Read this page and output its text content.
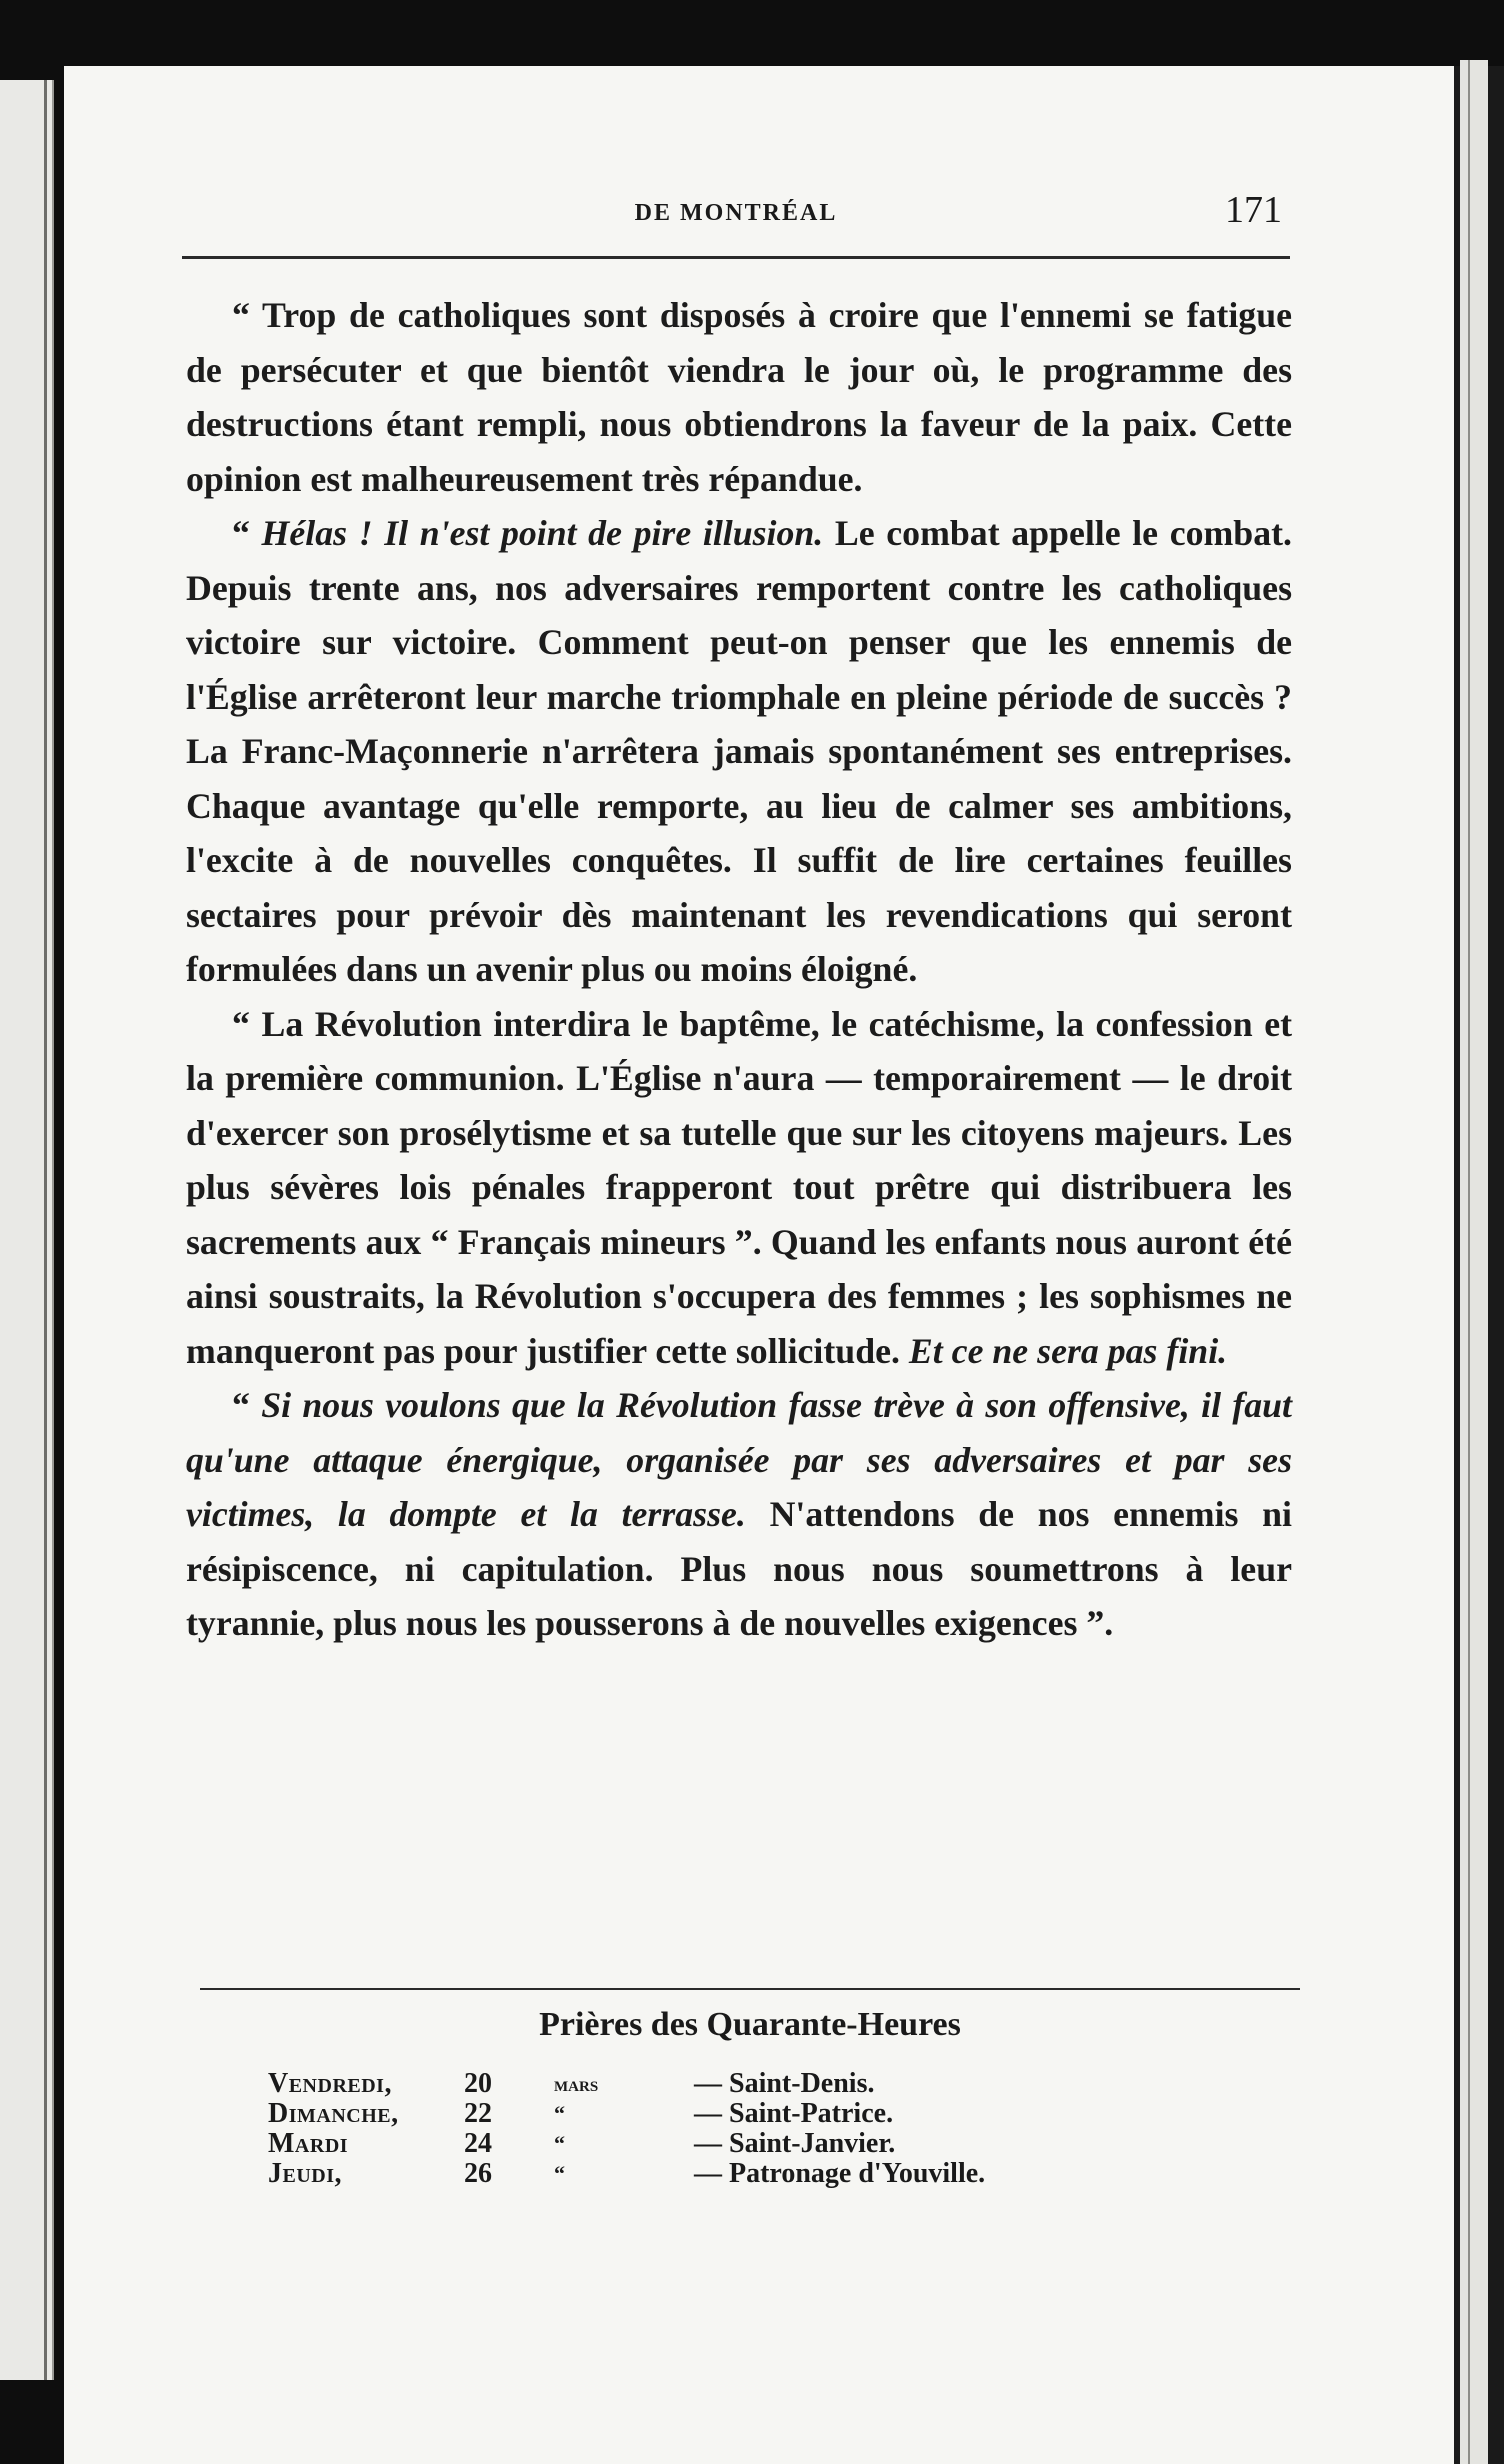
DE MONTRÉAL	171

“ Trop de catholiques sont disposés à croire que l'ennemi se fatigue de persécuter et que bientôt viendra le jour où, le programme des destructions étant rempli, nous obtiendrons la faveur de la paix. Cette opinion est malheureusement très répandue.

“ Hélas ! Il n'est point de pire illusion. Le combat appelle le combat. Depuis trente ans, nos adversaires remportent contre les catholiques victoire sur victoire. Comment peut-on penser que les ennemis de l'Église arrêteront leur marche triomphale en pleine période de succès ? La Franc-Maçonnerie n'arrêtera jamais spontanément ses entreprises. Chaque avantage qu'elle remporte, au lieu de calmer ses ambitions, l'excite à de nouvelles conquêtes. Il suffit de lire certaines feuilles sectaires pour prévoir dès maintenant les revendications qui seront formulées dans un avenir plus ou moins éloigné.

“ La Révolution interdira le baptême, le catéchisme, la confession et la première communion. L'Église n'aura — temporairement — le droit d'exercer son prosélytisme et sa tutelle que sur les citoyens majeurs. Les plus sévères lois pénales frapperont tout prêtre qui distribuera les sacrements aux “ Français mineurs ”. Quand les enfants nous auront été ainsi soustraits, la Révolution s'occupera des femmes ; les sophismes ne manqueront pas pour justifier cette sollicitude. Et ce ne sera pas fini.

“ Si nous voulons que la Révolution fasse trève à son offensive, il faut qu'une attaque énergique, organisée par ses adversaires et par ses victimes, la dompte et la terrasse. N'attendons de nos ennemis ni résipiscence, ni capitulation. Plus nous nous soumettrons à leur tyrannie, plus nous les pousserons à de nouvelles exigences ”.

Prières des Quarante-Heures
Vendredi,	20	mars	— Saint-Denis.
Dimanche, 22	“	— Saint-Patrice.
Mardi	24	“	— Saint-Janvier.
Jeudi,	26	“	— Patronage d'Youville.
